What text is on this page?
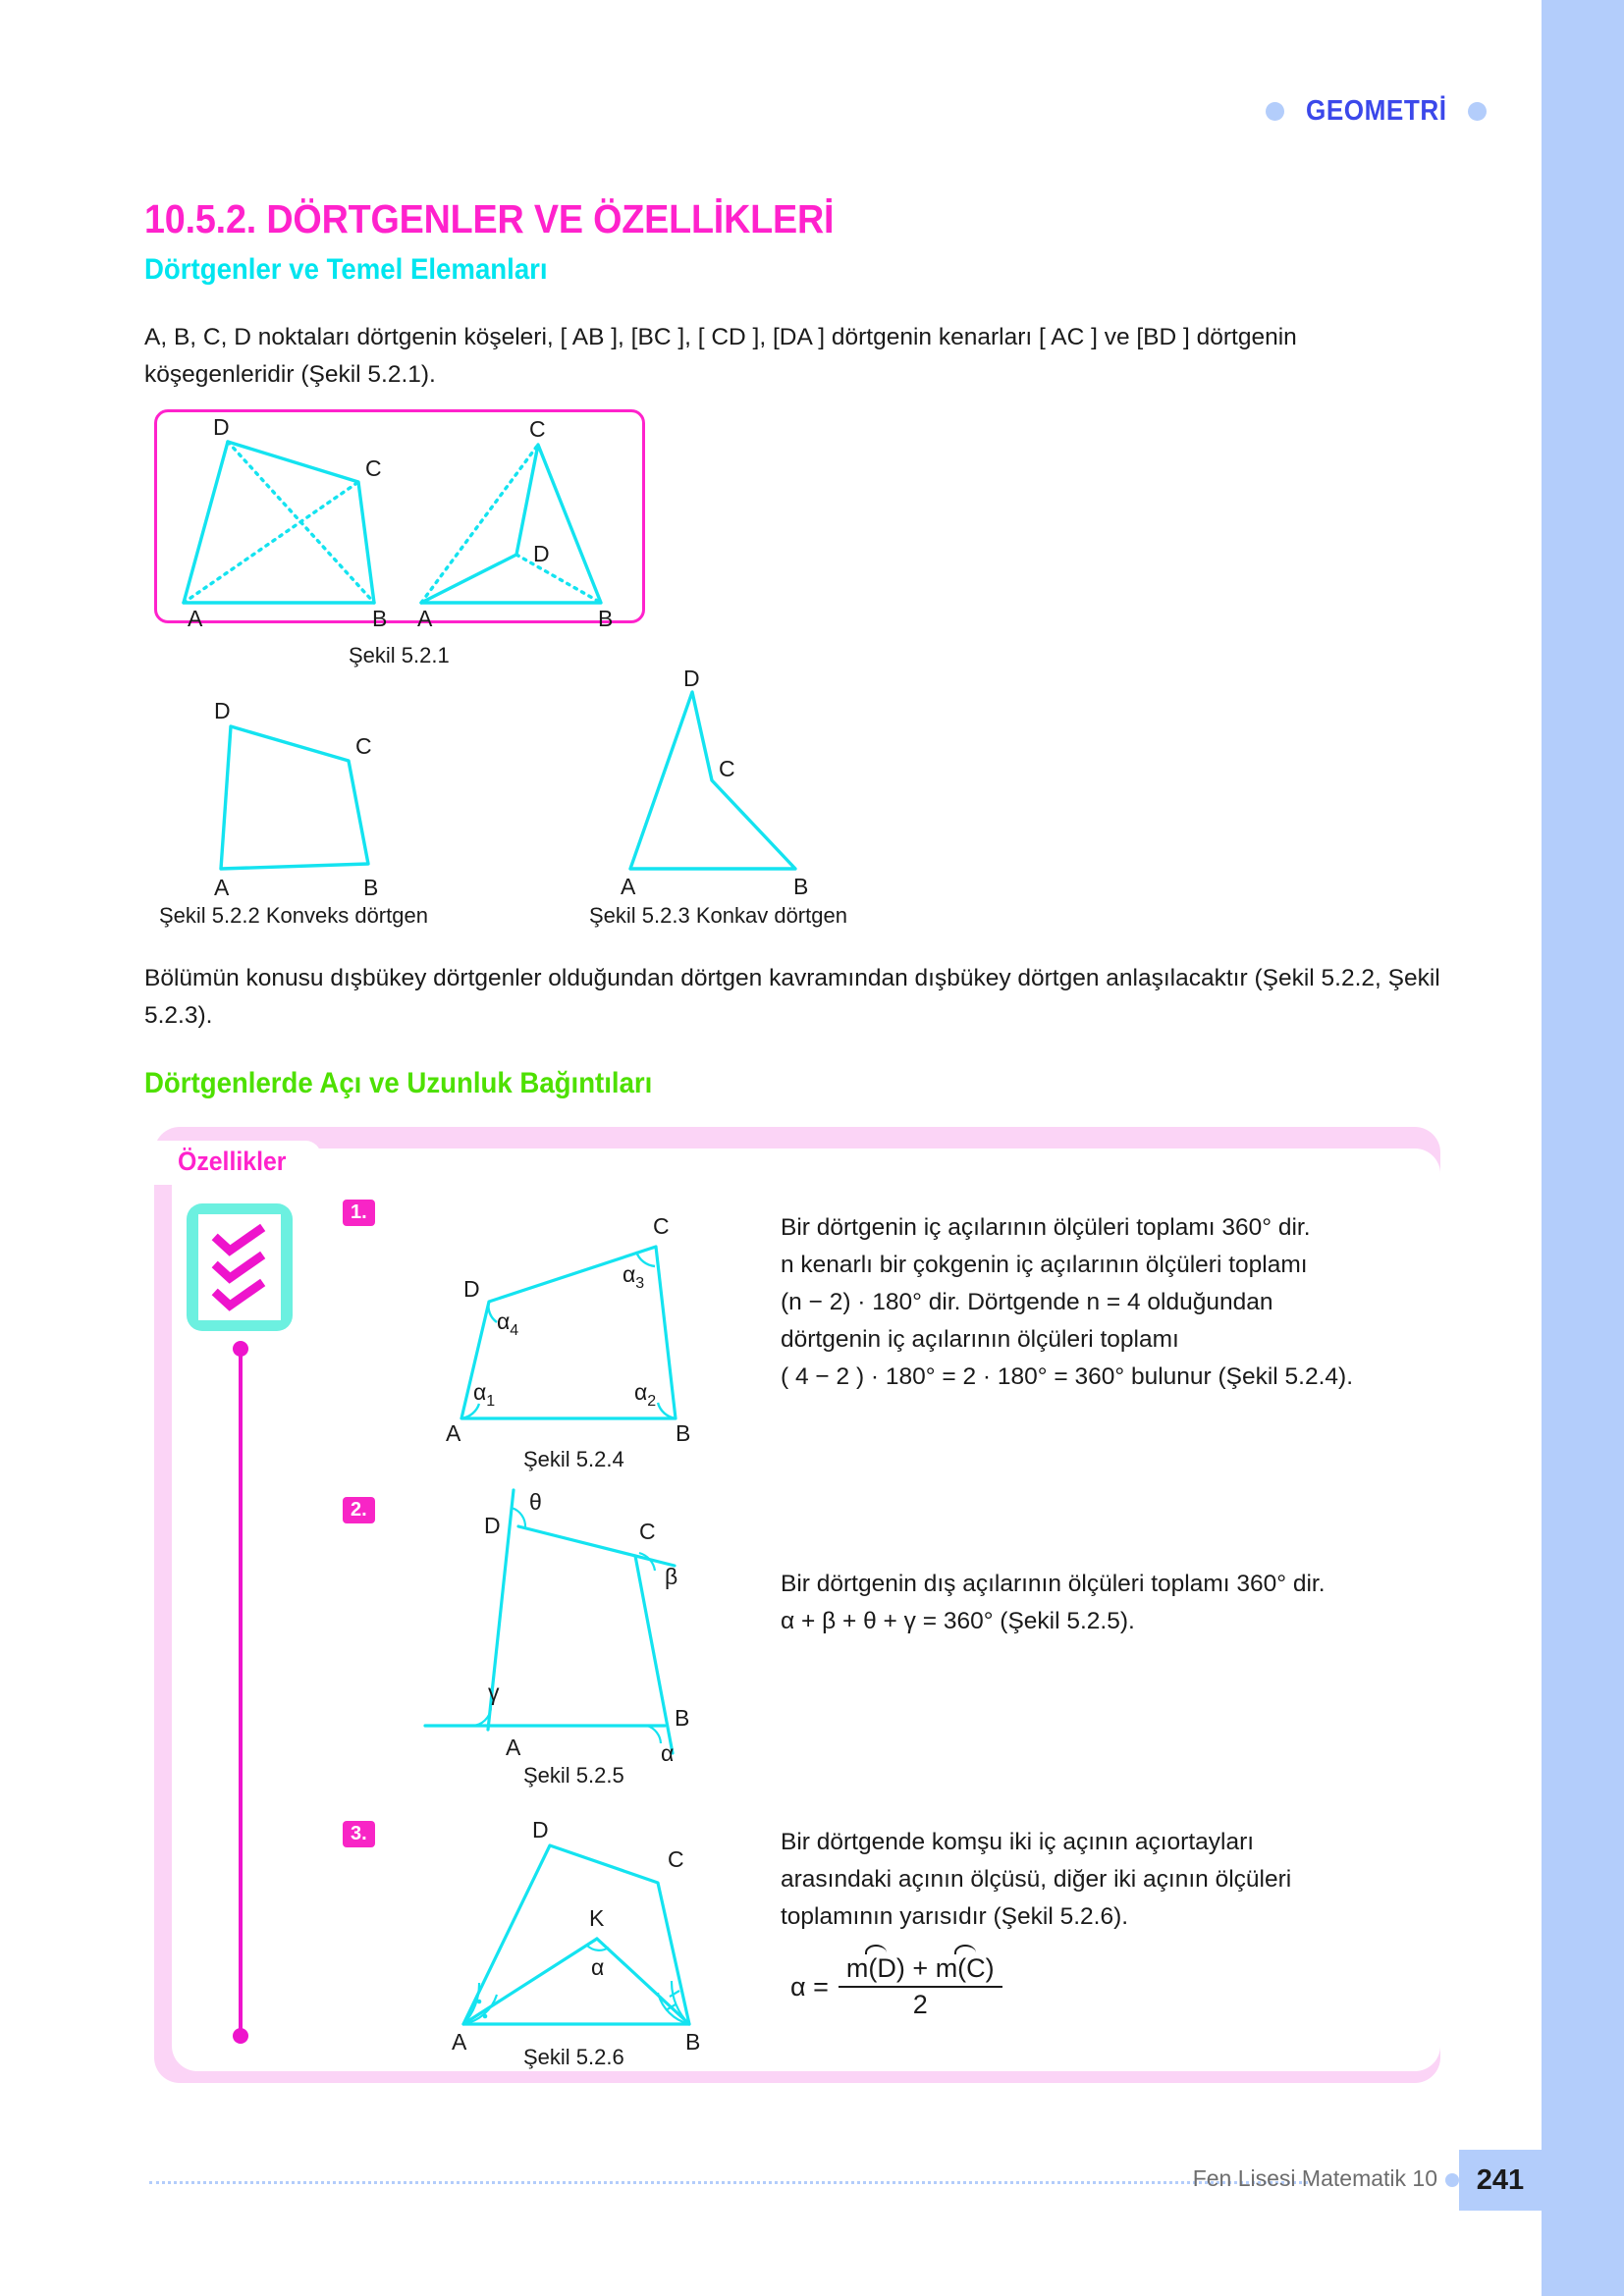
GEOMETRİ
10.5.2. DÖRTGENLER VE ÖZELLİKLERİ
Dörtgenler ve Temel Elemanları
A, B, C, D noktaları dörtgenin köşeleri, [ AB ], [BC ], [ CD ], [DA ] dörtgenin kenarları [ AC ] ve [BD ] dörtgenin köşegenleridir (Şekil 5.2.1).
D
C
A	B
C
D
A	B
Şekil 5.2.1
D
C
A	B
Şekil 5.2.2 Konveks dörtgen
D
C
A	B
Şekil 5.2.3 Konkav dörtgen
Bölümün konusu dışbükey dörtgenler olduğundan dörtgen kavramından dışbükey dörtgen anlaşılacaktır (Şekil 5.2.2, Şekil 5.2.3).
Dörtgenlerde Açı ve Uzunluk Bağıntıları
Özellikler
1.
C
D
A	B
$\alpha_3$
$\alpha_4$
$\alpha_1$	$\alpha_2$
Şekil 5.2.4
Bir dörtgenin iç açılarının ölçüleri toplamı 360° dir.
n kenarlı bir çokgenin iç açılarının ölçüleri toplamı
(n − 2) · 180° dir. Dörtgende n = 4 olduğundan
dörtgenin iç açılarının ölçüleri toplamı
( 4 − 2 ) · 180° = 2 · 180° = 360° bulunur (Şekil 5.2.4).
2.
D	C
A
B
θ
β
γ
α
Şekil 5.2.5
Bir dörtgenin dış açılarının ölçüleri toplamı 360° dir.
α + β + θ + γ = 360° (Şekil 5.2.5).
3.	D
C
A	B
K
α
Şekil 5.2.6
Bir dörtgende komşu iki iç açının açıortayları
arasındaki açının ölçüsü, diğer iki açının ölçüleri
toplamının yarısıdır (Şekil 5.2.6).
$\alpha = \frac{m(D) + m(C)}{2}$
Fen Lisesi Matematik 10 241
